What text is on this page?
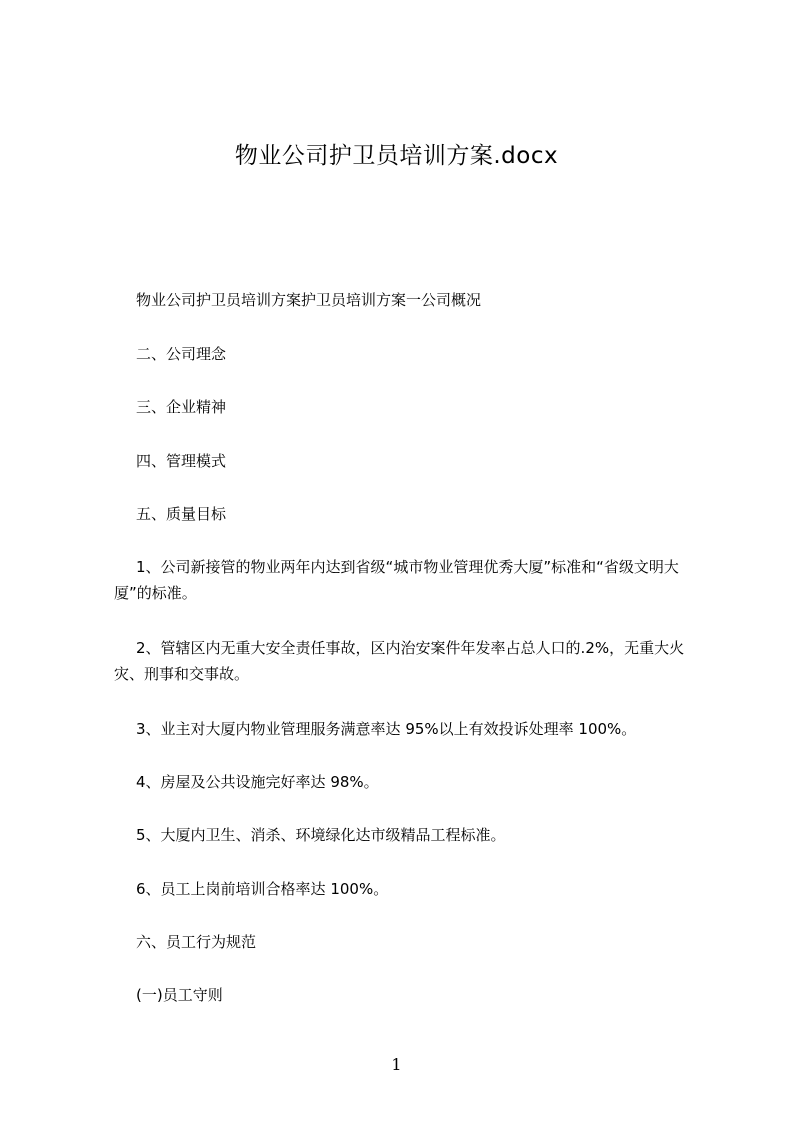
物业公司护卫员培训方案.docx
物业公司护卫员培训方案护卫员培训方案一公司概况
二、公司理念
三、企业精神
四、管理模式
五、质量目标
1、公司新接管的物业两年内达到省级“城市物业管理优秀大厦”标准和“省级文明大厦”的标准。
2、管辖区内无重大安全责任事故，区内治安案件年发率占总人口的.2%，无重大火灾、刑事和交事故。
3、业主对大厦内物业管理服务满意率达 95%以上有效投诉处理率 100%。
4、房屋及公共设施完好率达 98%。
5、大厦内卫生、消杀、环境绿化达市级精品工程标准。
6、员工上岗前培训合格率达 100%。
六、员工行为规范
(一)员工守则
1
